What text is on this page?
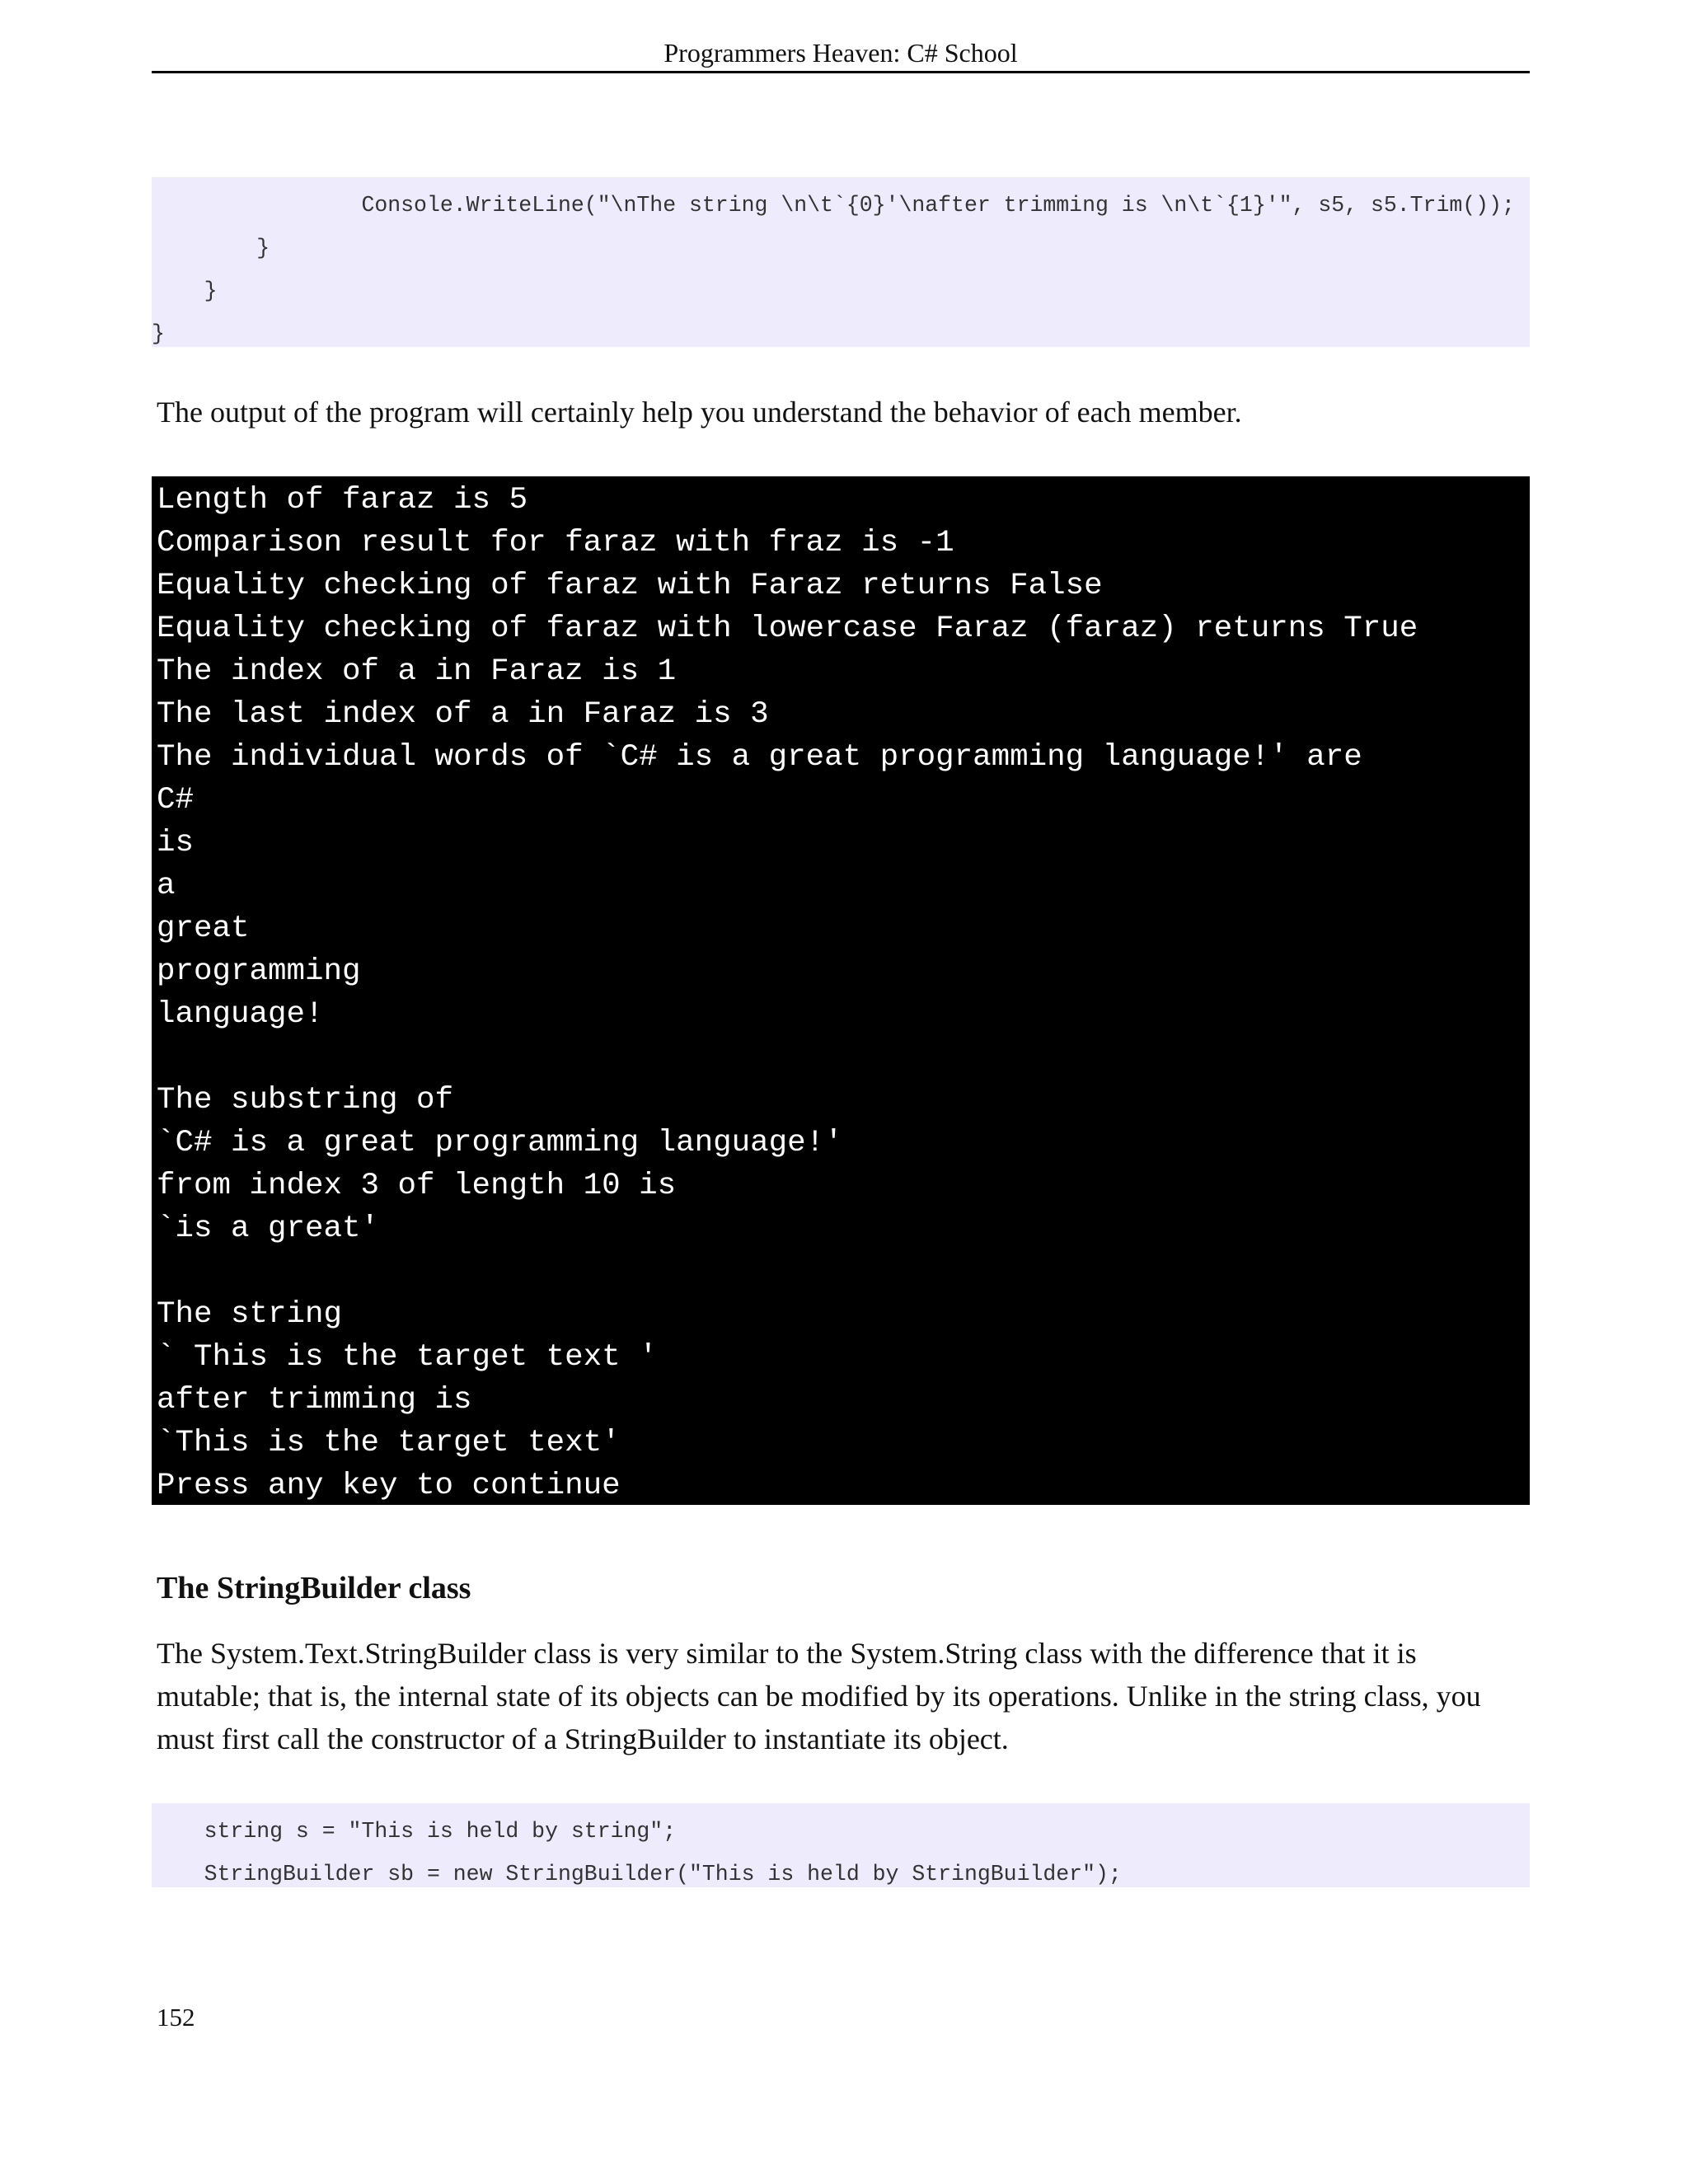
Programmers Heaven: C# School
Console.WriteLine("\nThe string \n\t`{0}'\nafter trimming is \n\t`{1}'", s5, s5.Trim());
}
}
}

The output of the program will certainly help you understand the behavior of each member.

Length of faraz is 5
Comparison result for faraz with fraz is -1
Equality checking of faraz with Faraz returns False
Equality checking of faraz with lowercase Faraz (faraz) returns True
The index of a in Faraz is 1
The last index of a in Faraz is 3
The individual words of `C# is a great programming language!' are
C#
is
a
great
programming
language!
The substring of
`C# is a great programming language!'
from index 3 of length 10 is
`is a great'
The string
` This is the target text '
after trimming is
`This is the target text'
Press any key to continue
The StringBuilder class

The System.Text.StringBuilder class is very similar to the System.String class with the difference that it is mutable; that is, the internal state of its objects can be modified by its operations. Unlike in the string class, you must first call the constructor of a StringBuilder to instantiate its object.

string s = "This is held by string";
StringBuilder sb = new StringBuilder("This is held by StringBuilder");
152
